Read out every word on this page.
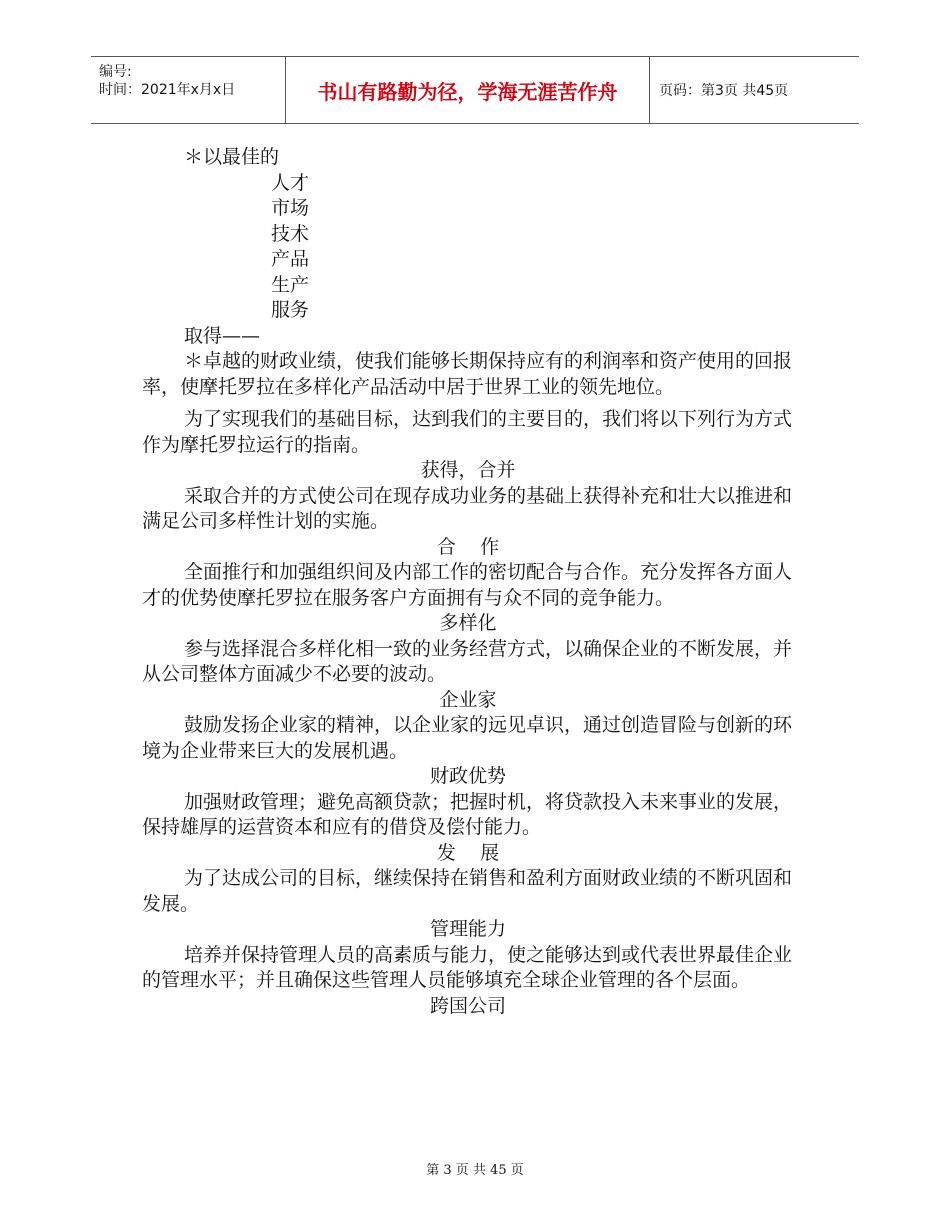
编号:
时间：2021年x月x日	书山有路勤为径，学海无涯苦作舟	页码：第3页 共45页

＊以最佳的

人才

市场

技术

产品

生产

服务

取得——

＊卓越的财政业绩，使我们能够长期保持应有的利润率和资产使用的回报率，使摩托罗拉在多样化产品活动中居于世界工业的领先地位。

为了实现我们的基础目标，达到我们的主要目的，我们将以下列行为方式作为摩托罗拉运行的指南。

获得，合并

采取合并的方式使公司在现存成功业务的基础上获得补充和壮大以推进和满足公司多样性计划的实施。

合    作

全面推行和加强组织间及内部工作的密切配合与合作。充分发挥各方面人才的优势使摩托罗拉在服务客户方面拥有与众不同的竞争能力。

多样化

参与选择混合多样化相一致的业务经营方式，以确保企业的不断发展，并从公司整体方面减少不必要的波动。

企业家

鼓励发扬企业家的精神，以企业家的远见卓识，通过创造冒险与创新的环境为企业带来巨大的发展机遇。

财政优势

加强财政管理；避免高额贷款；把握时机，将贷款投入未来事业的发展，保持雄厚的运营资本和应有的借贷及偿付能力。

发    展

为了达成公司的目标，继续保持在销售和盈利方面财政业绩的不断巩固和发展。

管理能力

培养并保持管理人员的高素质与能力，使之能够达到或代表世界最佳企业的管理水平；并且确保这些管理人员能够填充全球企业管理的各个层面。

跨国公司

第 3 页 共 45 页
